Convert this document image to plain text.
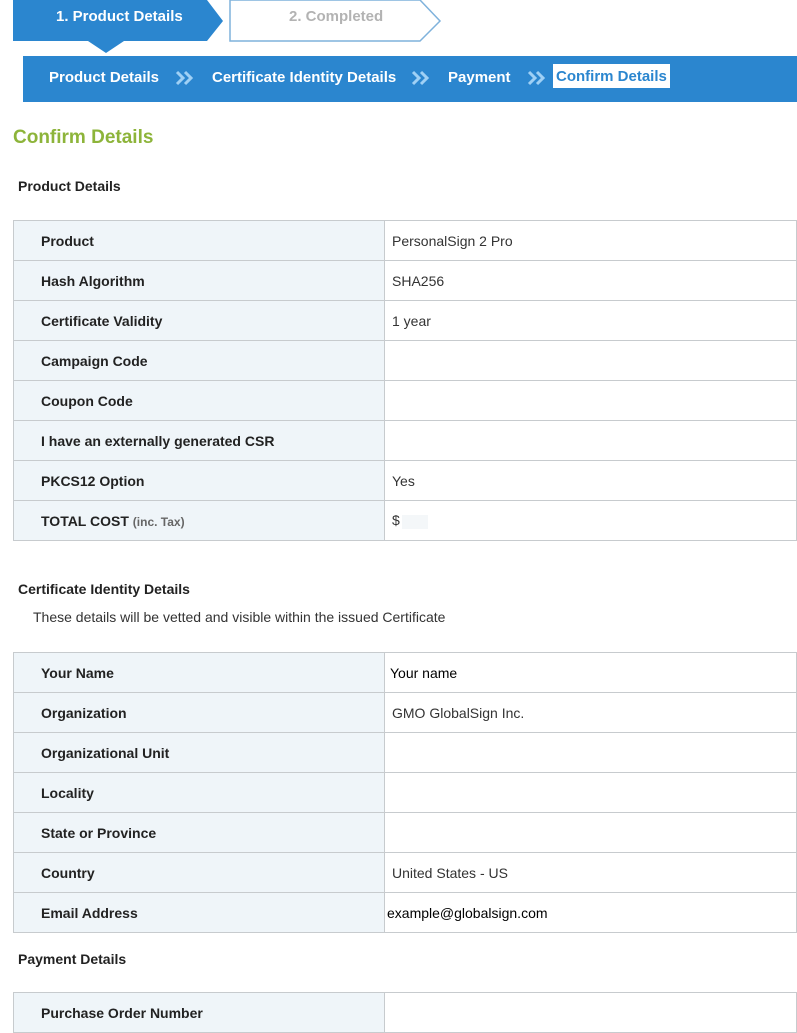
1. Product Details	2. Completed
Product Details	Certificate Identity Details	Payment	Confirm Details
Confirm Details
Product Details
Product	PersonalSign 2 Pro
Hash Algorithm	SHA256
Certificate Validity	1 year
Campaign Code	
Coupon Code	
I have an externally generated CSR	
PKCS12 Option	Yes
TOTAL COST (inc. Tax)	$
Certificate Identity Details
These details will be vetted and visible within the issued Certificate
Your Name	Your name
Organization	GMO GlobalSign Inc.
Organizational Unit	
Locality	
State or Province	
Country	United States - US
Email Address	example@globalsign.com
Payment Details
Purchase Order Number	
